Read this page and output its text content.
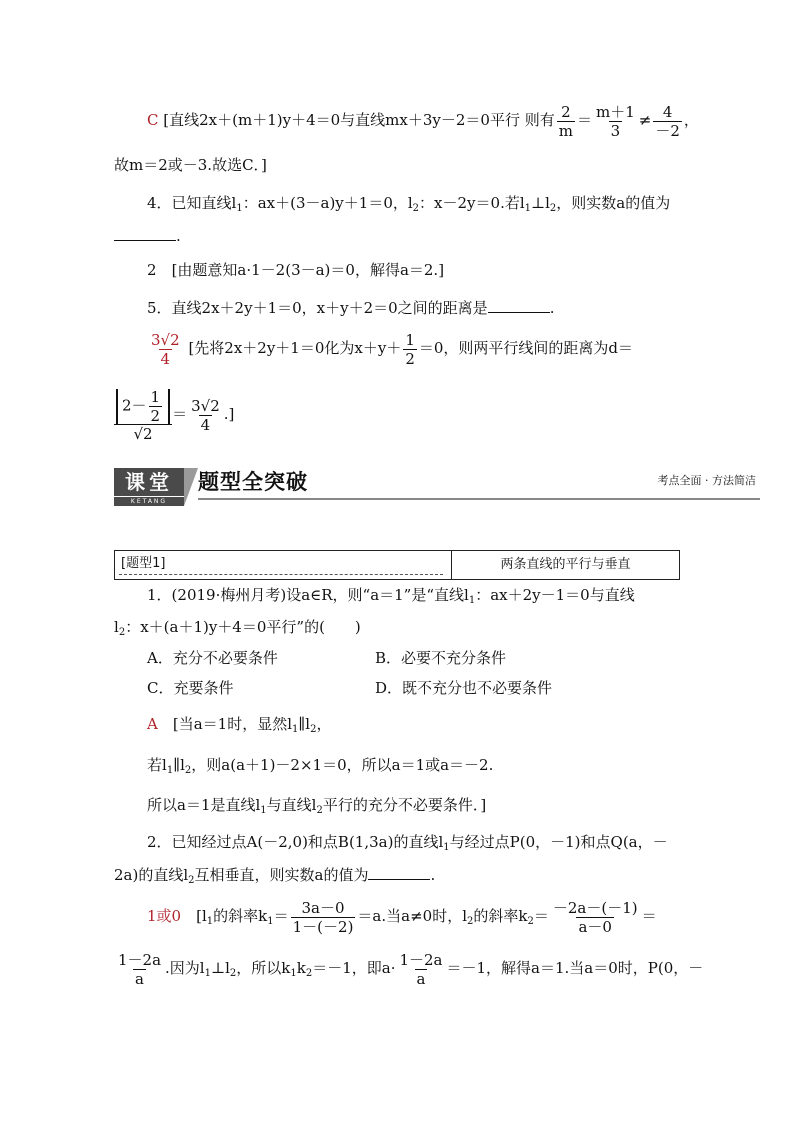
C [直线2x＋(m＋1)y＋4＝0与直线mx＋3y－2＝0平行 则有 $\frac{2}{m} = \frac{m+1}{3} \ne \frac{4}{-2}$ ，
故m＝2或－3.故选C．]
4．已知直线$l_1$：ax＋(3－a)y＋1＝0，$l_2$：x－2y＝0.若$l_1\perp l_2$，则实数a的值为
.
2　 [由题意知a·1－2(3－a)＝0，解得a＝2.]
5．直线2x＋2y＋1＝0，x＋y＋2＝0之间的距离是	.
$\frac{3√2}{4}$ [先将2x＋2y＋1＝0化为$x+y+ \frac{1}{2} =0$，则两平行线间的距离为d＝
$\frac{2- \frac{1}{2}}{√2} = \frac{3√2}{4}$ .]
课堂
KETANG
题型全突破	考点全面 · 方法简洁
[题型1]	两条直线的平行与垂直
1．(2019·梅州月考)设a∈R，则“a＝1”是“直线$l_1$：ax＋2y－1＝0与直线
$l_2$：x＋(a＋1)y＋4＝0平行”的(　　)
A．充分不必要条件	B．必要不充分条件
C．充要条件	D．既不充分也不必要条件
A　 [当a＝1时，显然$l_1\parallel l_2$，
若$l_1\parallel l_2$，则a(a＋1)－2×1＝0，所以a＝1或a＝－2.
所以a＝1是直线$l_1$与直线$l_2$平行的充分不必要条件．]
2．已知经过点A(－2,0)和点B(1,3a)的直线$l_1$与经过点P(0，－1)和点Q(a，－
2a)的直线$l_2$互相垂直，则实数a的值为	.
1或0　 [$l_1$的斜率$k_1= \frac{3a-0}{1-(-2)} =a$.当a≠0时，$l_2$的斜率$k_2= \frac{-2a-(-1)}{a-0}$ ＝
$\frac{1-2a}{a}$ .因为$l_1\perp l_2$，所以$k_1k_2=-1$，即$a\cdot \frac{1-2a}{a} =-1$，解得a＝1.当a＝0时，P(0，－
